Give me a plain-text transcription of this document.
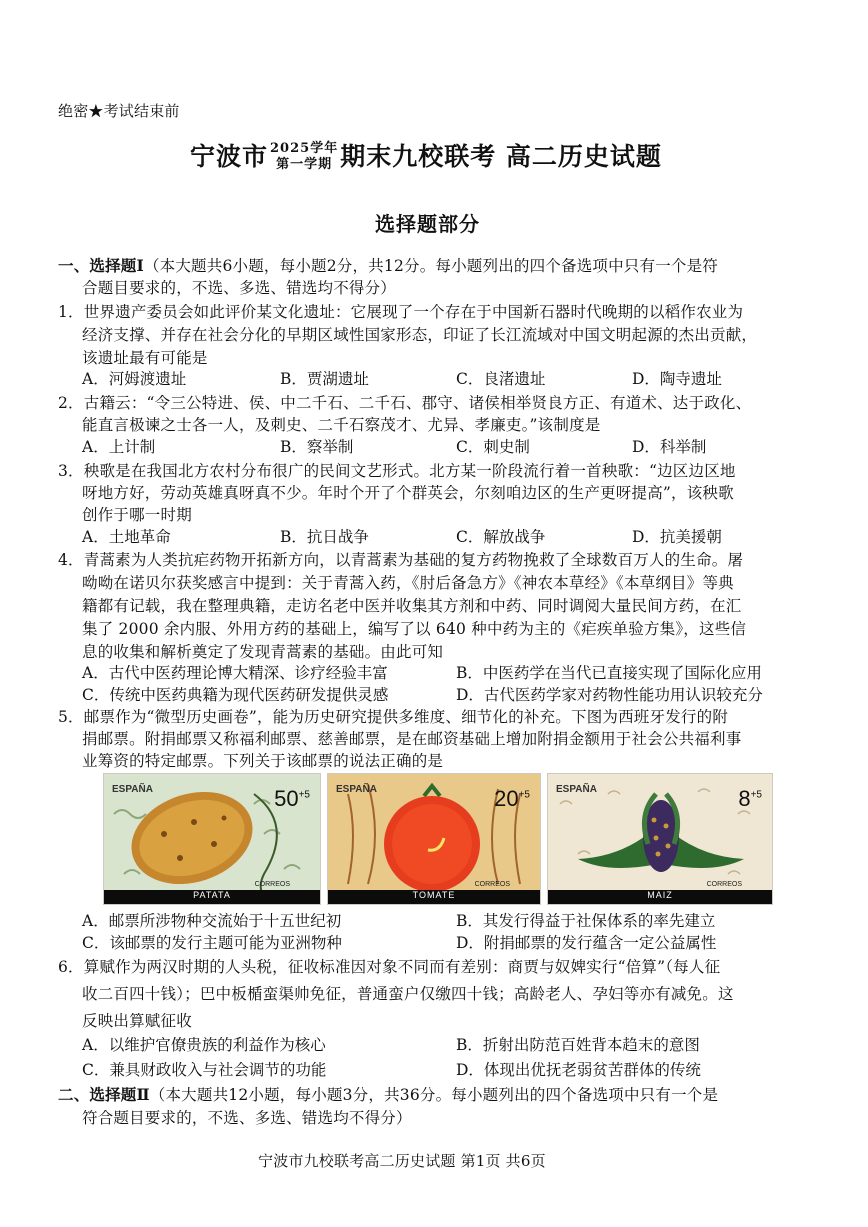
绝密★考试结束前
宁波市 2025学年
第一学期 期末九校联考 高二历史试题
选择题部分
一、选择题Ⅰ（本大题共6小题，每小题2分，共12分。每小题列出的四个备选项中只有一个是符
合题目要求的，不选、多选、错选均不得分）
1．世界遗产委员会如此评价某文化遗址：它展现了一个存在于中国新石器时代晚期的以稻作农业为
经济支撑、并存在社会分化的早期区域性国家形态，印证了长江流域对中国文明起源的杰出贡献，
该遗址最有可能是
A．河姆渡遗址	B．贾湖遗址	C．良渚遗址	D．陶寺遗址
2．古籍云：“令三公特进、侯、中二千石、二千石、郡守、诸侯相举贤良方正、有道术、达于政化、
能直言极谏之士各一人，及刺史、二千石察茂才、尤异、孝廉吏。”该制度是
A．上计制	B．察举制	C．刺史制	D．科举制
3．秧歌是在我国北方农村分布很广的民间文艺形式。北方某一阶段流行着一首秧歌：“边区边区地
呀地方好，劳动英雄真呀真不少。年时个开了个群英会，尔刻咱边区的生产更呀提高”，该秧歌
创作于哪一时期
A．土地革命	B．抗日战争	C．解放战争	D．抗美援朝
4．青蒿素为人类抗疟药物开拓新方向，以青蒿素为基础的复方药物挽救了全球数百万人的生命。屠
呦呦在诺贝尔获奖感言中提到：关于青蒿入药，《肘后备急方》《神农本草经》《本草纲目》等典
籍都有记载，我在整理典籍，走访名老中医并收集其方剂和中药、同时调阅大量民间方药，在汇
集了 2000 余内服、外用方药的基础上，编写了以 640 种中药为主的《疟疾单验方集》，这些信
息的收集和解析奠定了发现青蒿素的基础。由此可知
A．古代中医药理论博大精深、诊疗经验丰富	B．中医药学在当代已直接实现了国际化应用
C．传统中医药典籍为现代医药研发提供灵感	D．古代医药学家对药物性能功用认识较充分
5．邮票作为“微型历史画卷”，能为历史研究提供多维度、细节化的补充。下图为西班牙发行的附
捐邮票。附捐邮票又称福利邮票、慈善邮票，是在邮资基础上增加附捐金额用于社会公共福利事
业筹资的特定邮票。下列关于该邮票的说法正确的是
ESPAÑA	$50^{+5}$
CORREOS
PATATA
ESPAÑA	$20^{+5}$
CORREOS
TOMATE
ESPAÑA	$8^{+5}$
CORREOS
MAIZ
A．邮票所涉物种交流始于十五世纪初	B．其发行得益于社保体系的率先建立
C．该邮票的发行主题可能为亚洲物种	D．附捐邮票的发行蕴含一定公益属性
6．算赋作为两汉时期的人头税，征收标准因对象不同而有差别：商贾与奴婢实行“倍算”（每人征
收二百四十钱）；巴中板楯蛮渠帅免征，普通蛮户仅缴四十钱；高龄老人、孕妇等亦有减免。这
反映出算赋征收
A．以维护官僚贵族的利益作为核心	B．折射出防范百姓背本趋末的意图
C．兼具财政收入与社会调节的功能	D．体现出优抚老弱贫苦群体的传统
二、选择题Ⅱ（本大题共12小题，每小题3分，共36分。每小题列出的四个备选项中只有一个是
符合题目要求的，不选、多选、错选均不得分）
宁波市九校联考高二历史试题 第1页 共6页
